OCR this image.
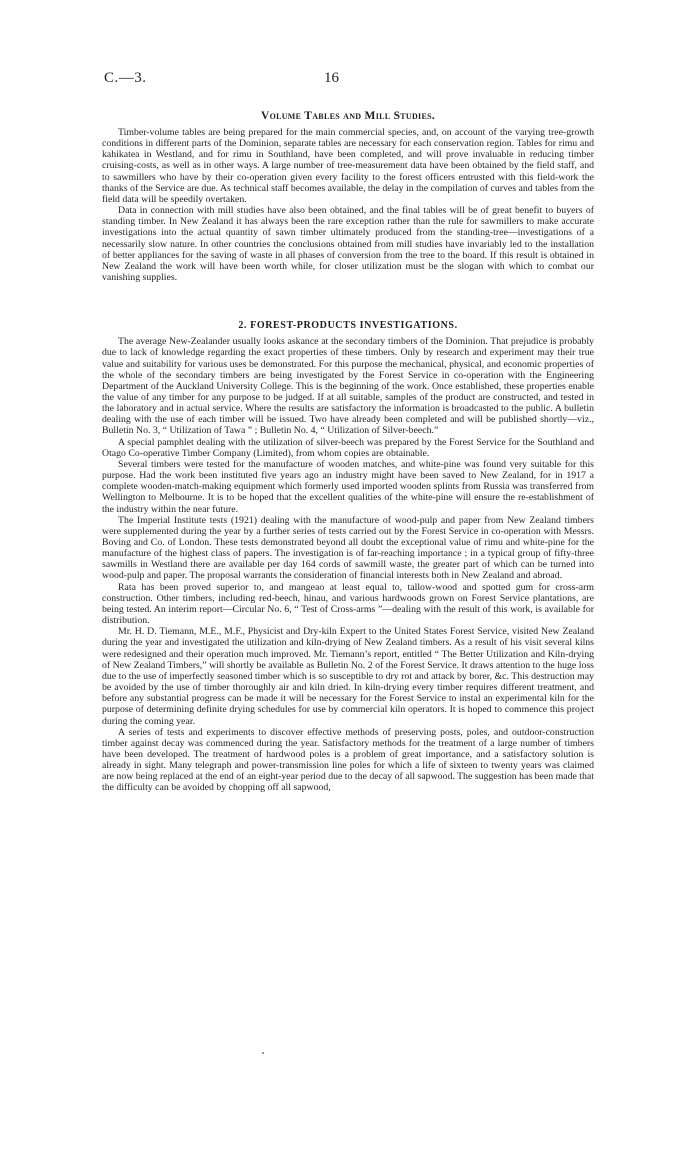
C.—3.	16
Volume Tables and Mill Studies.

Timber-volume tables are being prepared for the main commercial species, and, on account of the varying tree-growth conditions in different parts of the Dominion, separate tables are necessary for each conservation region. Tables for rimu and kahikatea in Westland, and for rimu in Southland, have been completed, and will prove invaluable in reducing timber cruising-costs, as well as in other ways. A large number of tree-measurement data have been obtained by the field staff, and to sawmillers who have by their co-operation given every facility to the forest officers entrusted with this field-work the thanks of the Service are due. As technical staff becomes available, the delay in the compilation of curves and tables from the field data will be speedily overtaken.

Data in connection with mill studies have also been obtained, and the final tables will be of great benefit to buyers of standing timber. In New Zealand it has always been the rare exception rather than the rule for sawmillers to make accurate investigations into the actual quantity of sawn timber ultimately produced from the standing-tree—investigations of a necessarily slow nature. In other countries the conclusions obtained from mill studies have invariably led to the installation of better appliances for the saving of waste in all phases of conversion from the tree to the board. If this result is obtained in New Zealand the work will have been worth while, for closer utilization must be the slogan with which to combat our vanishing supplies.

2. FOREST-PRODUCTS INVESTIGATIONS.

The average New-Zealander usually looks askance at the secondary timbers of the Dominion. That prejudice is probably due to lack of knowledge regarding the exact properties of these timbers. Only by research and experiment may their true value and suitability for various uses be demonstrated. For this purpose the mechanical, physical, and economic properties of the whole of the secondary timbers are being investigated by the Forest Service in co-operation with the Engineering Department of the Auckland University College. This is the beginning of the work. Once established, these properties enable the value of any timber for any purpose to be judged. If at all suitable, samples of the product are constructed, and tested in the laboratory and in actual service. Where the results are satisfactory the information is broadcasted to the public. A bulletin dealing with the use of each timber will be issued. Two have already been completed and will be published shortly—viz., Bulletin No. 3, “ Utilization of Tawa ” ; Bulletin No. 4, “ Utilization of Silver-beech.”

A special pamphlet dealing with the utilization of silver-beech was prepared by the Forest Service for the Southland and Otago Co-operative Timber Company (Limited), from whom copies are obtainable.

Several timbers were tested for the manufacture of wooden matches, and white-pine was found very suitable for this purpose. Had the work been instituted five years ago an industry might have been saved to New Zealand, for in 1917 a complete wooden-match-making equipment which formerly used imported wooden splints from Russia was transferred from Wellington to Melbourne. It is to be hoped that the excellent qualities of the white-pine will ensure the re-establishment of the industry within the near future.

The Imperial Institute tests (1921) dealing with the manufacture of wood-pulp and paper from New Zealand timbers were supplemented during the year by a further series of tests carried out by the Forest Service in co-operation with Messrs. Boving and Co. of London. These tests demonstrated beyond all doubt the exceptional value of rimu and white-pine for the manufacture of the highest class of papers. The investigation is of far-reaching importance ; in a typical group of fifty-three sawmills in Westland there are available per day 164 cords of sawmill waste, the greater part of which can be turned into wood-pulp and paper. The proposal warrants the consideration of financial interests both in New Zealand and abroad.

Rata has been proved superior to, and mangeao at least equal to, tallow-wood and spotted gum for cross-arm construction. Other timbers, including red-beech, hinau, and various hardwoods grown on Forest Service plantations, are being tested. An interim report—Circular No. 6, “ Test of Cross-arms ”—dealing with the result of this work, is available for distribution.

Mr. H. D. Tiemann, M.E., M.F., Physicist and Dry-kiln Expert to the United States Forest Service, visited New Zealand during the year and investigated the utilization and kiln-drying of New Zealand timbers. As a result of his visit several kilns were redesigned and their operation much improved. Mr. Tiemann’s report, entitled “ The Better Utilization and Kiln-drying of New Zealand Timbers,” will shortly be available as Bulletin No. 2 of the Forest Service. It draws attention to the huge loss due to the use of imperfectly seasoned timber which is so susceptible to dry rot and attack by borer, &c. This destruction may be avoided by the use of timber thoroughly air and kiln dried. In kiln-drying every timber requires different treatment, and before any substantial progress can be made it will be necessary for the Forest Service to instal an experimental kiln for the purpose of determining definite drying schedules for use by commercial kiln operators. It is hoped to commence this project during the coming year.

A series of tests and experiments to discover effective methods of preserving posts, poles, and outdoor-construction timber against decay was commenced during the year. Satisfactory methods for the treatment of a large number of timbers have been developed. The treatment of hardwood poles is a problem of great importance, and a satisfactory solution is already in sight. Many telegraph and power-transmission line poles for which a life of sixteen to twenty years was claimed are now being replaced at the end of an eight-year period due to the decay of all sapwood. The suggestion has been made that the difficulty can be avoided by chopping off all sapwood,
